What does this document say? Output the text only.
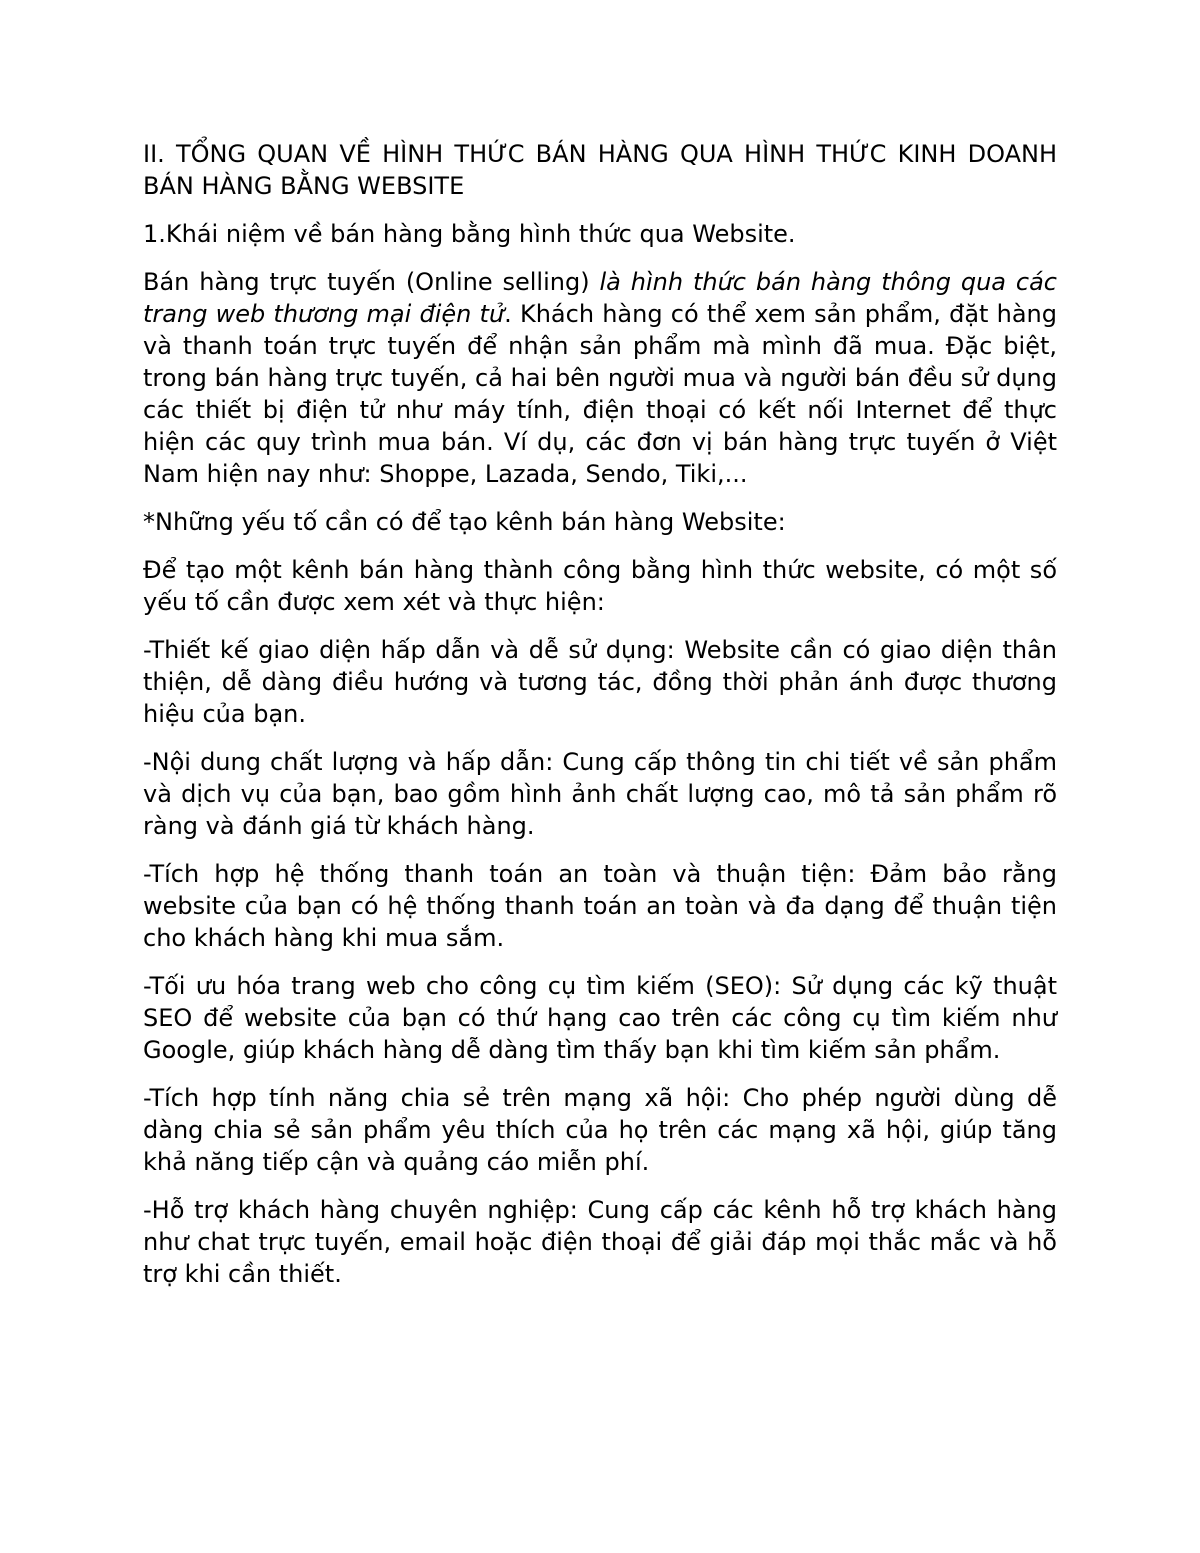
II. TỔNG QUAN VỀ HÌNH THỨC BÁN HÀNG QUA HÌNH THỨC KINH DOANH BÁN HÀNG BẰNG WEBSITE

1.Khái niệm về bán hàng bằng hình thức qua Website.

Bán hàng trực tuyến (Online selling) là hình thức bán hàng thông qua các trang web thương mại điện tử. Khách hàng có thể xem sản phẩm, đặt hàng và thanh toán trực tuyến để nhận sản phẩm mà mình đã mua. Đặc biệt, trong bán hàng trực tuyến, cả hai bên người mua và người bán đều sử dụng các thiết bị điện tử như máy tính, điện thoại có kết nối Internet để thực hiện các quy trình mua bán. Ví dụ, các đơn vị bán hàng trực tuyến ở Việt Nam hiện nay như: Shoppe, Lazada, Sendo, Tiki,...

*Những yếu tố cần có để tạo kênh bán hàng Website:

Để tạo một kênh bán hàng thành công bằng hình thức website, có một số yếu tố cần được xem xét và thực hiện:

-Thiết kế giao diện hấp dẫn và dễ sử dụng: Website cần có giao diện thân thiện, dễ dàng điều hướng và tương tác, đồng thời phản ánh được thương hiệu của bạn.

-Nội dung chất lượng và hấp dẫn: Cung cấp thông tin chi tiết về sản phẩm và dịch vụ của bạn, bao gồm hình ảnh chất lượng cao, mô tả sản phẩm rõ ràng và đánh giá từ khách hàng.

-Tích hợp hệ thống thanh toán an toàn và thuận tiện: Đảm bảo rằng website của bạn có hệ thống thanh toán an toàn và đa dạng để thuận tiện cho khách hàng khi mua sắm.

-Tối ưu hóa trang web cho công cụ tìm kiếm (SEO): Sử dụng các kỹ thuật SEO để website của bạn có thứ hạng cao trên các công cụ tìm kiếm như Google, giúp khách hàng dễ dàng tìm thấy bạn khi tìm kiếm sản phẩm.

-Tích hợp tính năng chia sẻ trên mạng xã hội: Cho phép người dùng dễ dàng chia sẻ sản phẩm yêu thích của họ trên các mạng xã hội, giúp tăng khả năng tiếp cận và quảng cáo miễn phí.

-Hỗ trợ khách hàng chuyên nghiệp: Cung cấp các kênh hỗ trợ khách hàng như chat trực tuyến, email hoặc điện thoại để giải đáp mọi thắc mắc và hỗ trợ khi cần thiết.
